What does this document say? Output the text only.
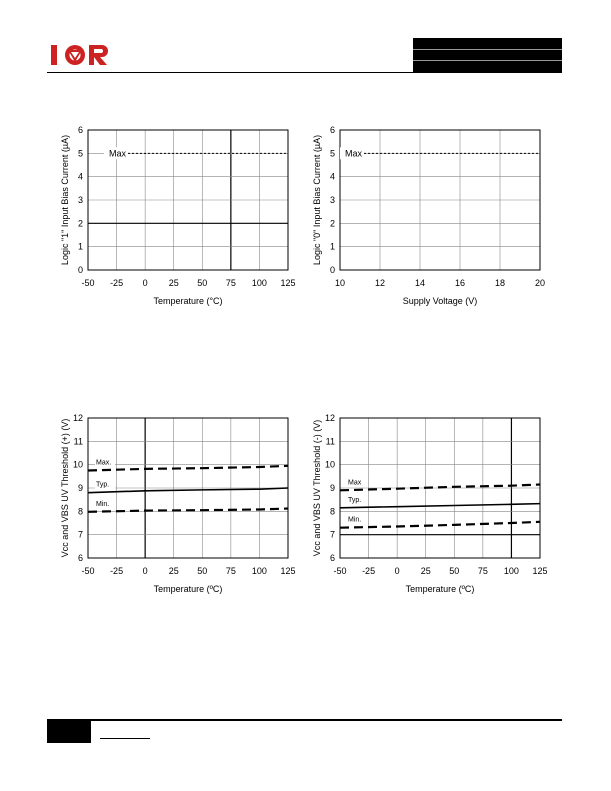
-50 -25 0 25 50 75 100 125
0
1
2
3
4
5
6
Temperature (°C)
Logic "1" Input Bias Current (µA)	Max
10	12	14	16	18	20
0
1
2
3
4
5
6
Supply Voltage (V)
Logic "0" Input Bias Current (µA)	Max
-50 -25 0 25 50 75 100 125
6
7
8
9
10
11
12
Temperature (ºC)
Vcc and VBS UV Threshold (+) (V)	Max.
Typ.
Min.
-50 -25 0 25 50 75 100 125
6
7
8
9
10
11
12
Temperature (ºC)
Vcc and VBS UV Threshold (-) (V)	Max
Typ.
Min.
